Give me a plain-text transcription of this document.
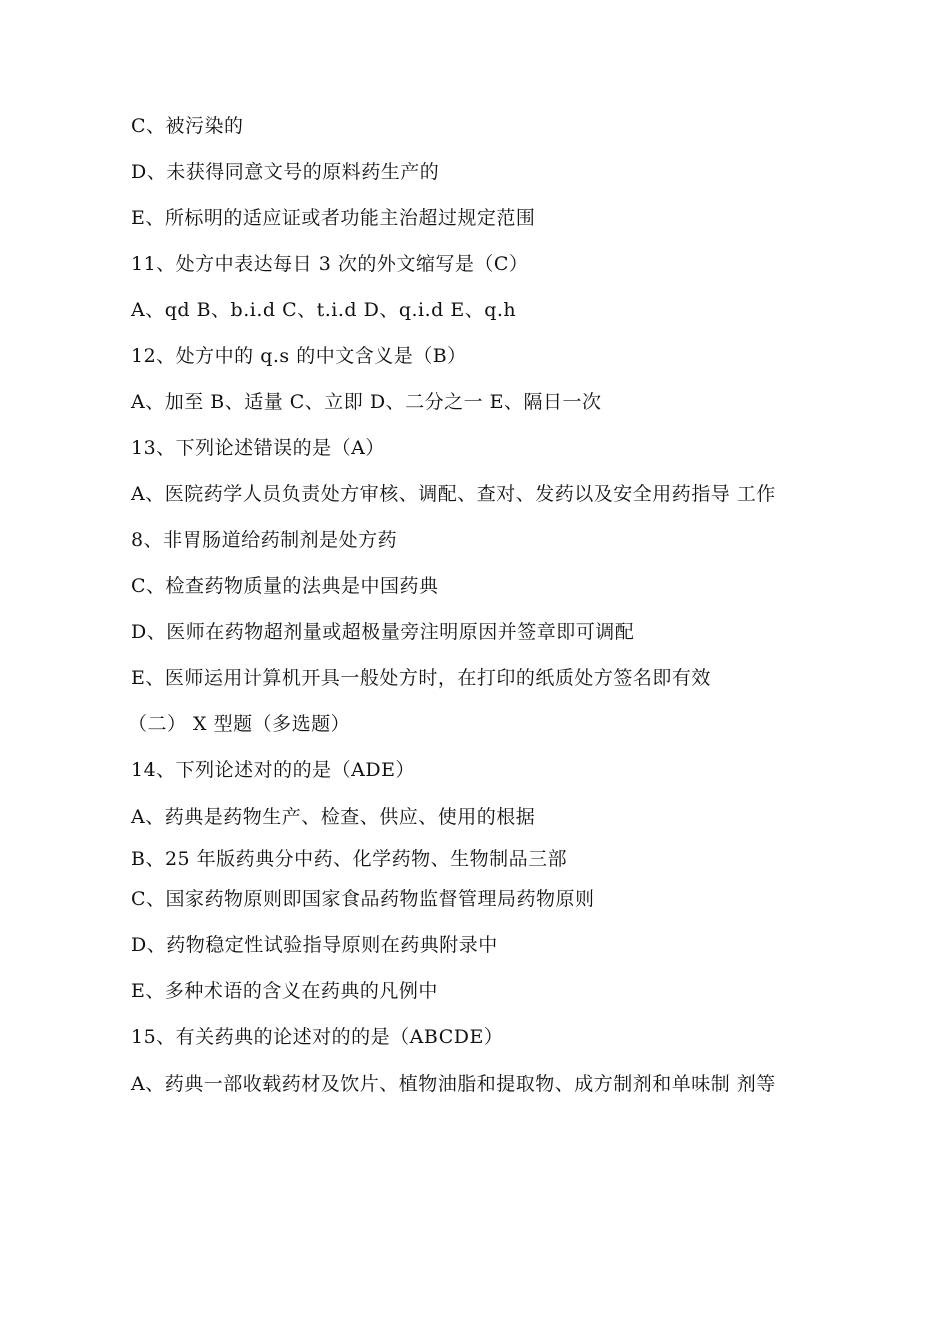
C、被污染的
D、未获得同意文号的原料药生产的
E、所标明的适应证或者功能主治超过规定范围
11、处方中表达每日 3 次的外文缩写是（C）
A、qd B、b.i.d C、t.i.d D、q.i.d E、q.h
12、处方中的 q.s 的中文含义是（B）
A、加至 B、适量 C、立即 D、二分之一 E、隔日一次
13、下列论述错误的是（A）
A、医院药学人员负责处方审核、调配、查对、发药以及安全用药指导 工作
8、非胃肠道给药制剂是处方药
C、检查药物质量的法典是中国药典
D、医师在药物超剂量或超极量旁注明原因并签章即可调配
E、医师运用计算机开具一般处方时，在打印的纸质处方签名即有效
（二） X 型题（多选题）
14、下列论述对的的是（ADE）
A、药典是药物生产、检查、供应、使用的根据
B、25 年版药典分中药、化学药物、生物制品三部
C、国家药物原则即国家食品药物监督管理局药物原则
D、药物稳定性试验指导原则在药典附录中
E、多种术语的含义在药典的凡例中
15、有关药典的论述对的的是（ABCDE）
A、药典一部收载药材及饮片、植物油脂和提取物、成方制剂和单味制 剂等
